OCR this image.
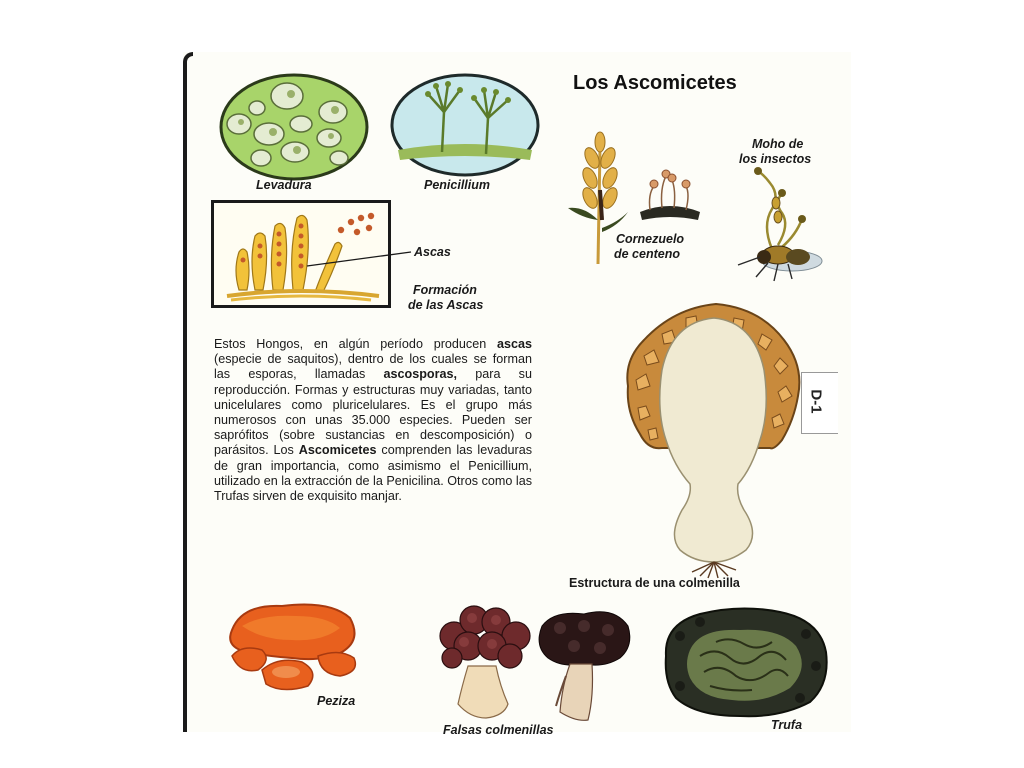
Los Ascomicetes
Levadura	Penicillium
Ascas
Formación
de las Ascas
Cornezuelo
de centeno
Moho de
los insectos

Estos Hongos, en algún período producen ascas (especie de saquitos), dentro de los cuales se forman las esporas, llamadas ascosporas, para su reproducción. Formas y estructuras muy variadas, tanto unicelulares como pluricelulares. Es el grupo más numerosos con unas 35.000 especies. Pueden ser saprófitos (sobre sustancias en descomposición) o parásitos. Los Ascomicetes comprenden las levaduras de gran importancia, como asimismo el Penicillium, utilizado en la extracción de la Penicilina. Otros como las Trufas sirven de exquisito manjar.

D-1
Estructura de una colmenilla
Peziza
Falsas colmenillas	Trufa
